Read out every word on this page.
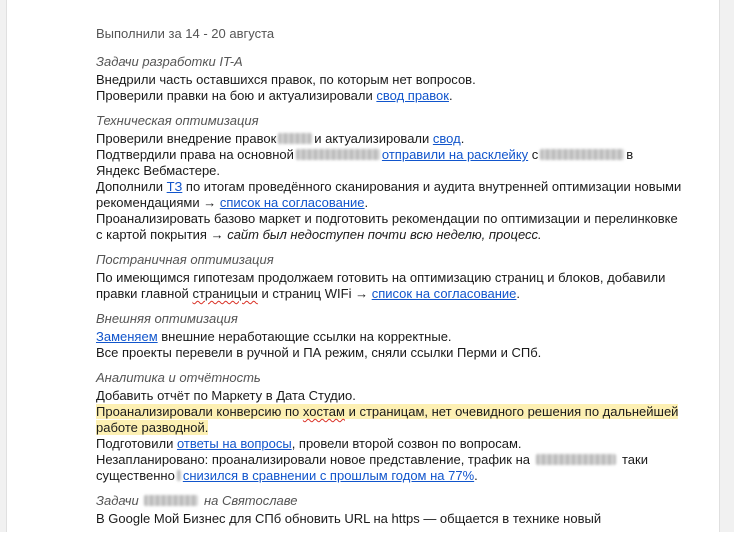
Выполнили за 14 - 20 августа
Задачи разработки IT-A
Внедрили часть оставшихся правок, по которым нет вопросов.
Проверили правки на бою и актуализировали свод правок.
Техническая оптимизация
Проверили внедрение правок	и актуализировали свод.
Подтвердили права на основной	отправили на расклейку с	в
Яндекс Вебмастере.
Дополнили ТЗ по итогам проведённого сканирования и аудита внутренней оптимизации новыми
рекомендациями → список на согласование.
Проанализировать базово маркет и подготовить рекомендации по оптимизации и перелинковке
с картой покрытия → сайт был недоступен почти всю неделю, процесс.
Постраничная оптимизация
По имеющимся гипотезам продолжаем готовить на оптимизацию страниц и блоков, добавили
правки главной страницыи и страниц WIFi → список на согласование.
Внешняя оптимизация
Заменяем внешние неработающие ссылки на корректные.
Все проекты перевели в ручной и ПА режим, сняли ссылки Перми и СПб.
Аналитика и отчётность
Добавить отчёт по Маркету в Дата Студио.
Проанализировали конверсию по хостам и страницам, нет очевидного решения по дальнейшей
работе разводной.
Подготовили ответы на вопросы, провели второй созвон по вопросам.
Незапланировано: проанализировали новое представление, трафик на	таки
существенно снизился в сравнении с прошлым годом на 77%.
Задачи	на Святославе
В Google Мой Бизнес для СПб обновить URL на https — общается в технике новый
